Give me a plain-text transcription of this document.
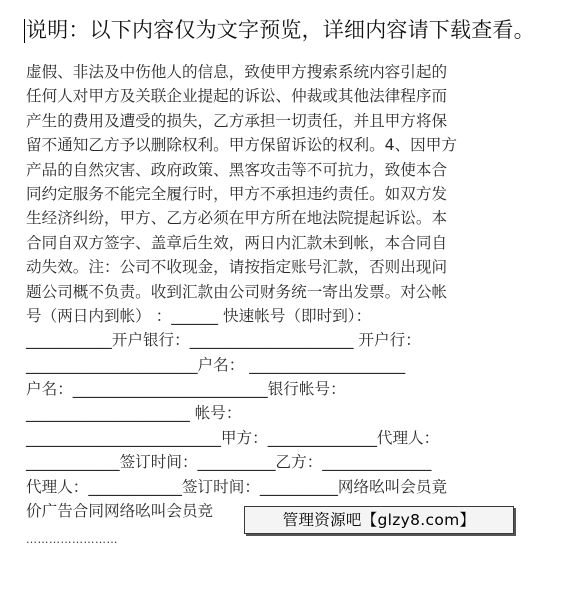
说明：以下内容仅为文字预览，详细内容请下载查看。
虚假、非法及中伤他人的信息，致使甲方搜索系统内容引起的
任何人对甲方及关联企业提起的诉讼、仲裁或其他法律程序而
产生的费用及遭受的损失，乙方承担一切责任，并且甲方将保
留不通知乙方予以删除权利。甲方保留诉讼的权利。4、因甲方
产品的自然灾害、政府政策、黑客攻击等不可抗力，致使本合
同约定服务不能完全履行时，甲方不承担违约责任。如双方发
生经济纠纷，甲方、乙方必须在甲方所在地法院提起诉讼。本
合同自双方签字、盖章后生效，两日内汇款未到帐，本合同自
动失效。注：公司不收现金，请按指定账号汇款，否则出现问
题公司概不负责。收到汇款由公司财务统一寄出发票。对公帐
号（两日内到帐） ：______ 快速帐号（即时到）：
___________开户银行：_____________________ 开户行：
______________________户名： ____________________
户名：_________________________银行帐号：
_____________________ 帐号：
_________________________甲方：______________代理人：
____________签订时间：__________乙方：______________
代理人：____________签订时间：__________网络吆叫会员竟
价广告合同网络吆叫会员竞
……………………
管理资源吧【glzy8.com】
